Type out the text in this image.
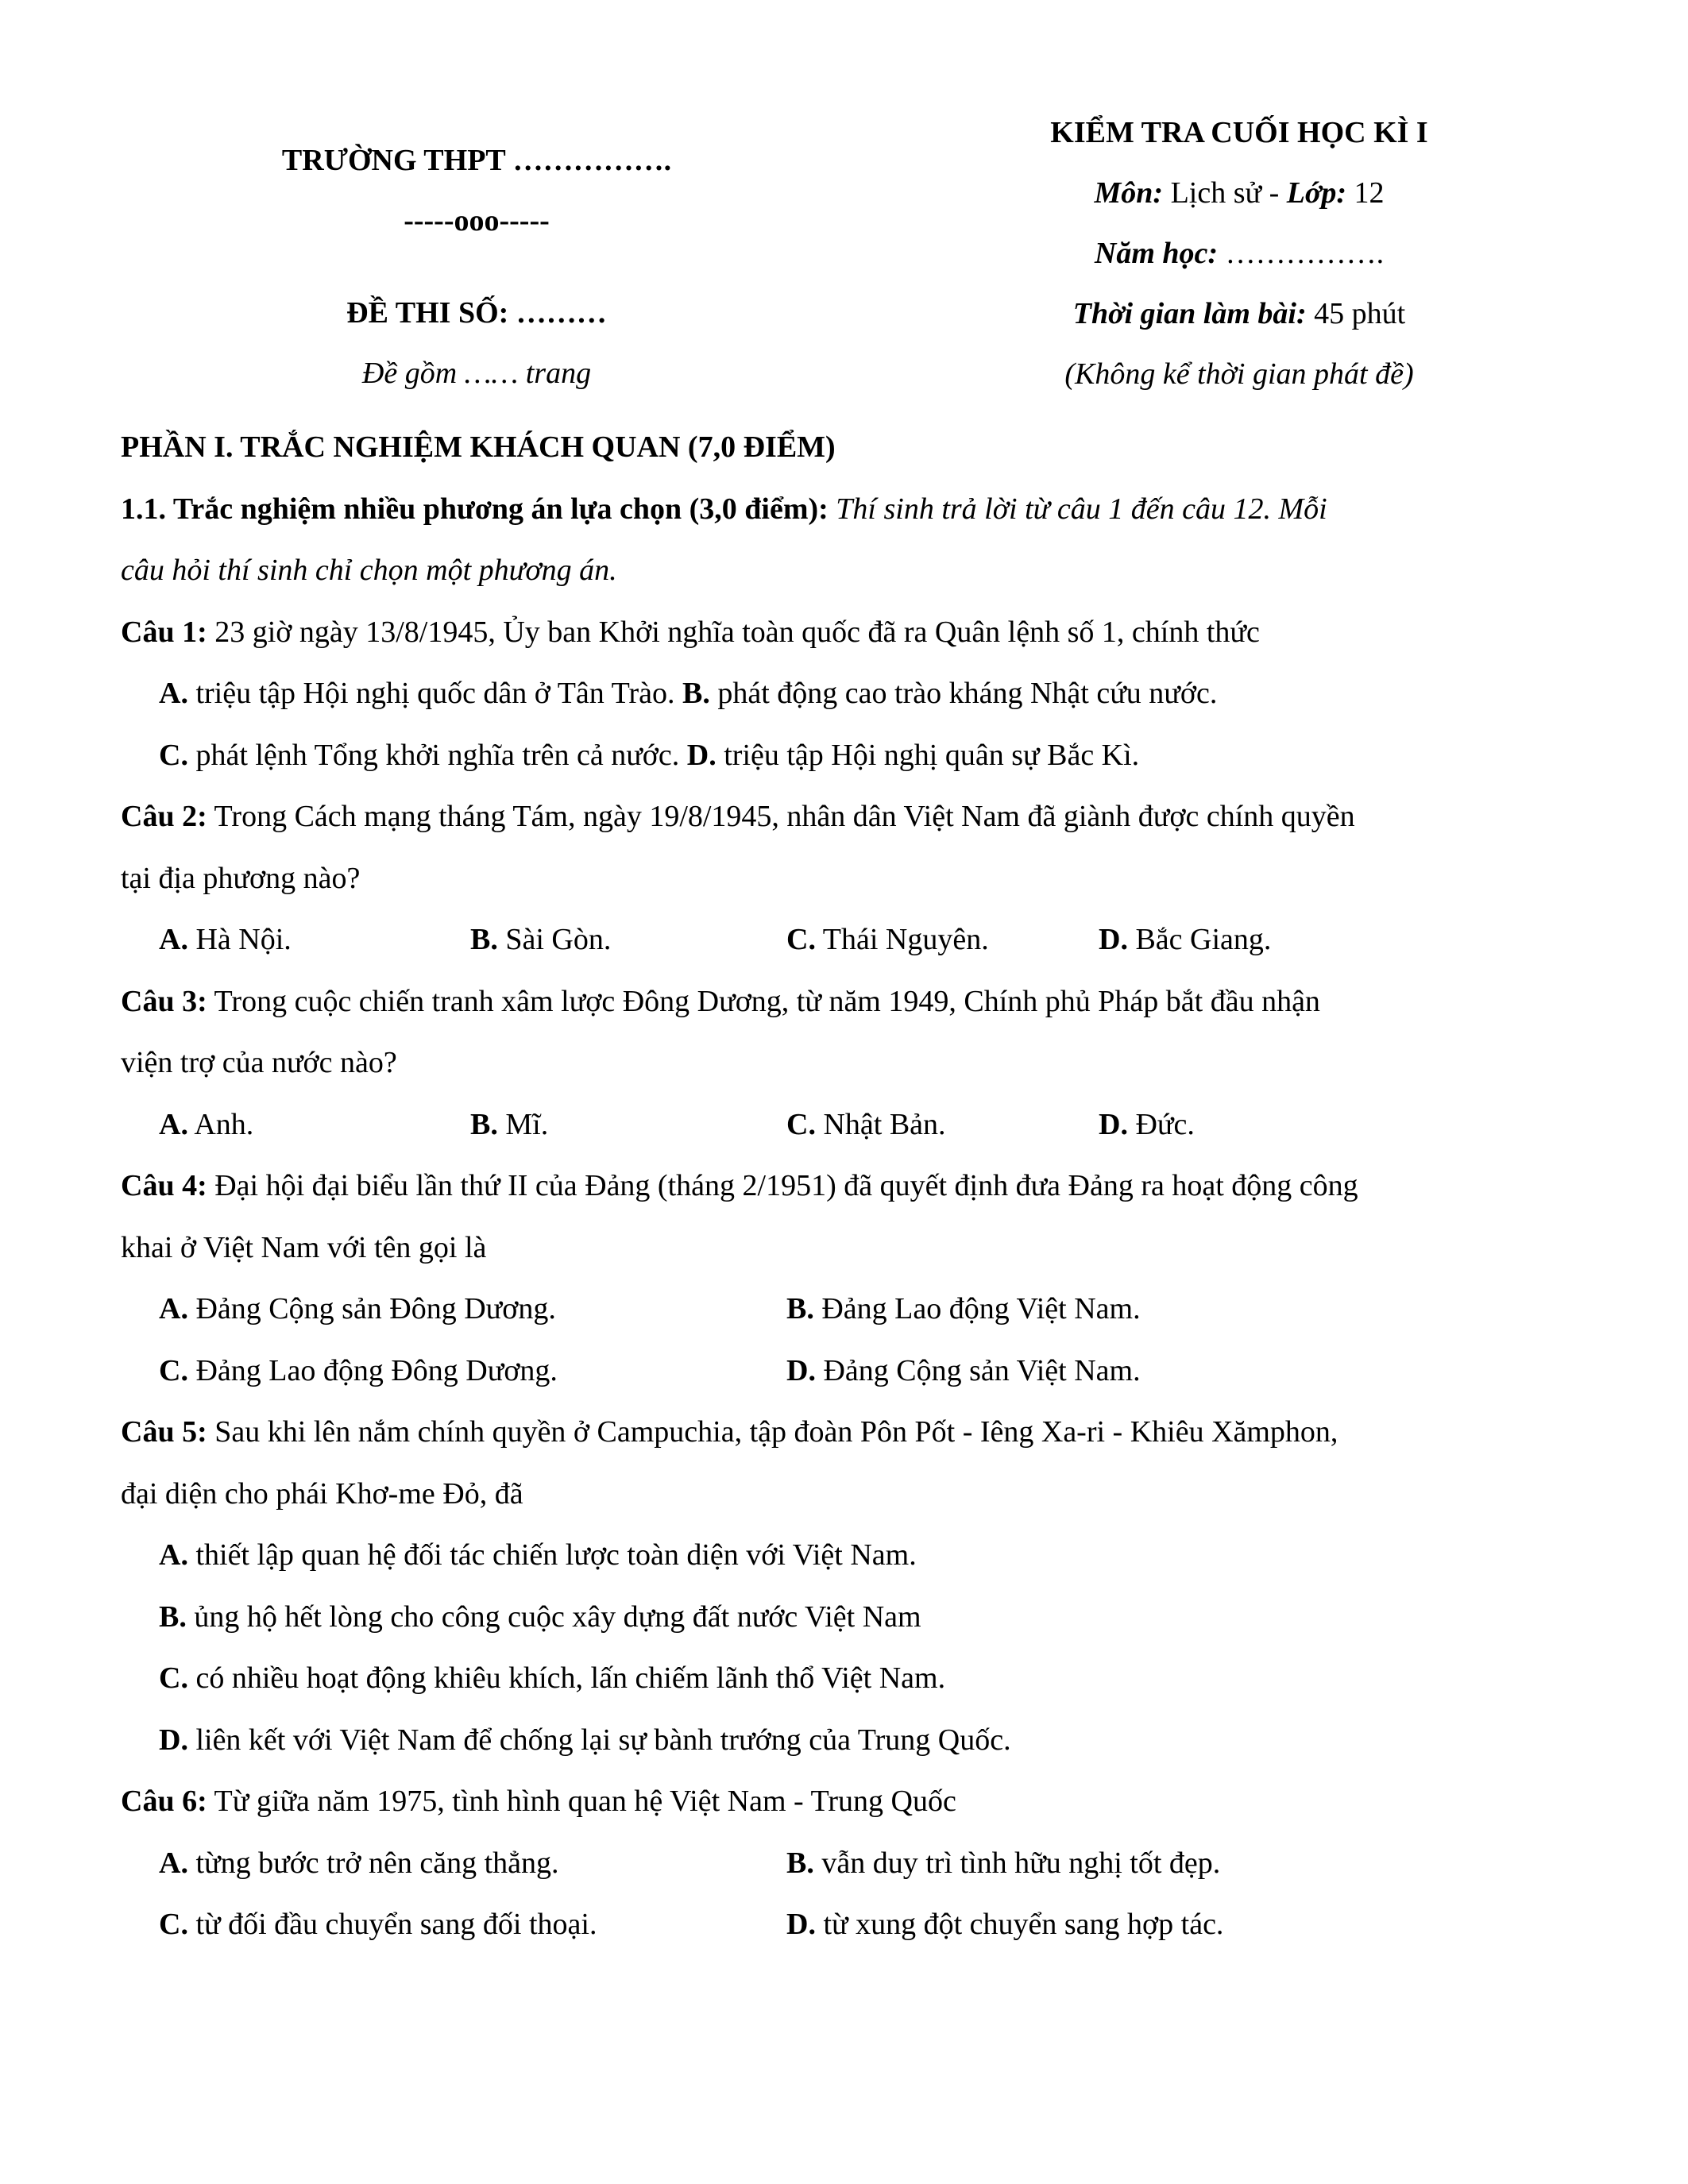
TRƯỜNG THPT …………….
-----ooo-----
ĐỀ THI SỐ: ………
Đề gồm …… trang
KIỂM TRA CUỐI HỌC KÌ I
Môn: Lịch sử - Lớp: 12
Năm học: …………….
Thời gian làm bài: 45 phút
(Không kể thời gian phát đề)
PHẦN I. TRẮC NGHIỆM KHÁCH QUAN (7,0 ĐIỂM)
1.1. Trắc nghiệm nhiều phương án lựa chọn (3,0 điểm): Thí sinh trả lời từ câu 1 đến câu 12. Mỗi
câu hỏi thí sinh chỉ chọn một phương án.
Câu 1: 23 giờ ngày 13/8/1945, Ủy ban Khởi nghĩa toàn quốc đã ra Quân lệnh số 1, chính thức
A. triệu tập Hội nghị quốc dân ở Tân Trào. B. phát động cao trào kháng Nhật cứu nước.
C. phát lệnh Tổng khởi nghĩa trên cả nước. D. triệu tập Hội nghị quân sự Bắc Kì.
Câu 2: Trong Cách mạng tháng Tám, ngày 19/8/1945, nhân dân Việt Nam đã giành được chính quyền
tại địa phương nào?
A. Hà Nội.	B. Sài Gòn.	C. Thái Nguyên.	D. Bắc Giang.
Câu 3: Trong cuộc chiến tranh xâm lược Đông Dương, từ năm 1949, Chính phủ Pháp bắt đầu nhận
viện trợ của nước nào?
A. Anh.	B. Mĩ.	C. Nhật Bản.	D. Đức.
Câu 4: Đại hội đại biểu lần thứ II của Đảng (tháng 2/1951) đã quyết định đưa Đảng ra hoạt động công
khai ở Việt Nam với tên gọi là
A. Đảng Cộng sản Đông Dương.	B. Đảng Lao động Việt Nam.
C. Đảng Lao động Đông Dương.	D. Đảng Cộng sản Việt Nam.
Câu 5: Sau khi lên nắm chính quyền ở Campuchia, tập đoàn Pôn Pốt - Iêng Xa-ri - Khiêu Xămphon,
đại diện cho phái Khơ-me Đỏ, đã
A. thiết lập quan hệ đối tác chiến lược toàn diện với Việt Nam.
B. ủng hộ hết lòng cho công cuộc xây dựng đất nước Việt Nam
C. có nhiều hoạt động khiêu khích, lấn chiếm lãnh thổ Việt Nam.
D. liên kết với Việt Nam để chống lại sự bành trướng của Trung Quốc.
Câu 6: Từ giữa năm 1975, tình hình quan hệ Việt Nam - Trung Quốc
A. từng bước trở nên căng thẳng.	B. vẫn duy trì tình hữu nghị tốt đẹp.
C. từ đối đầu chuyển sang đối thoại.	D. từ xung đột chuyển sang hợp tác.
